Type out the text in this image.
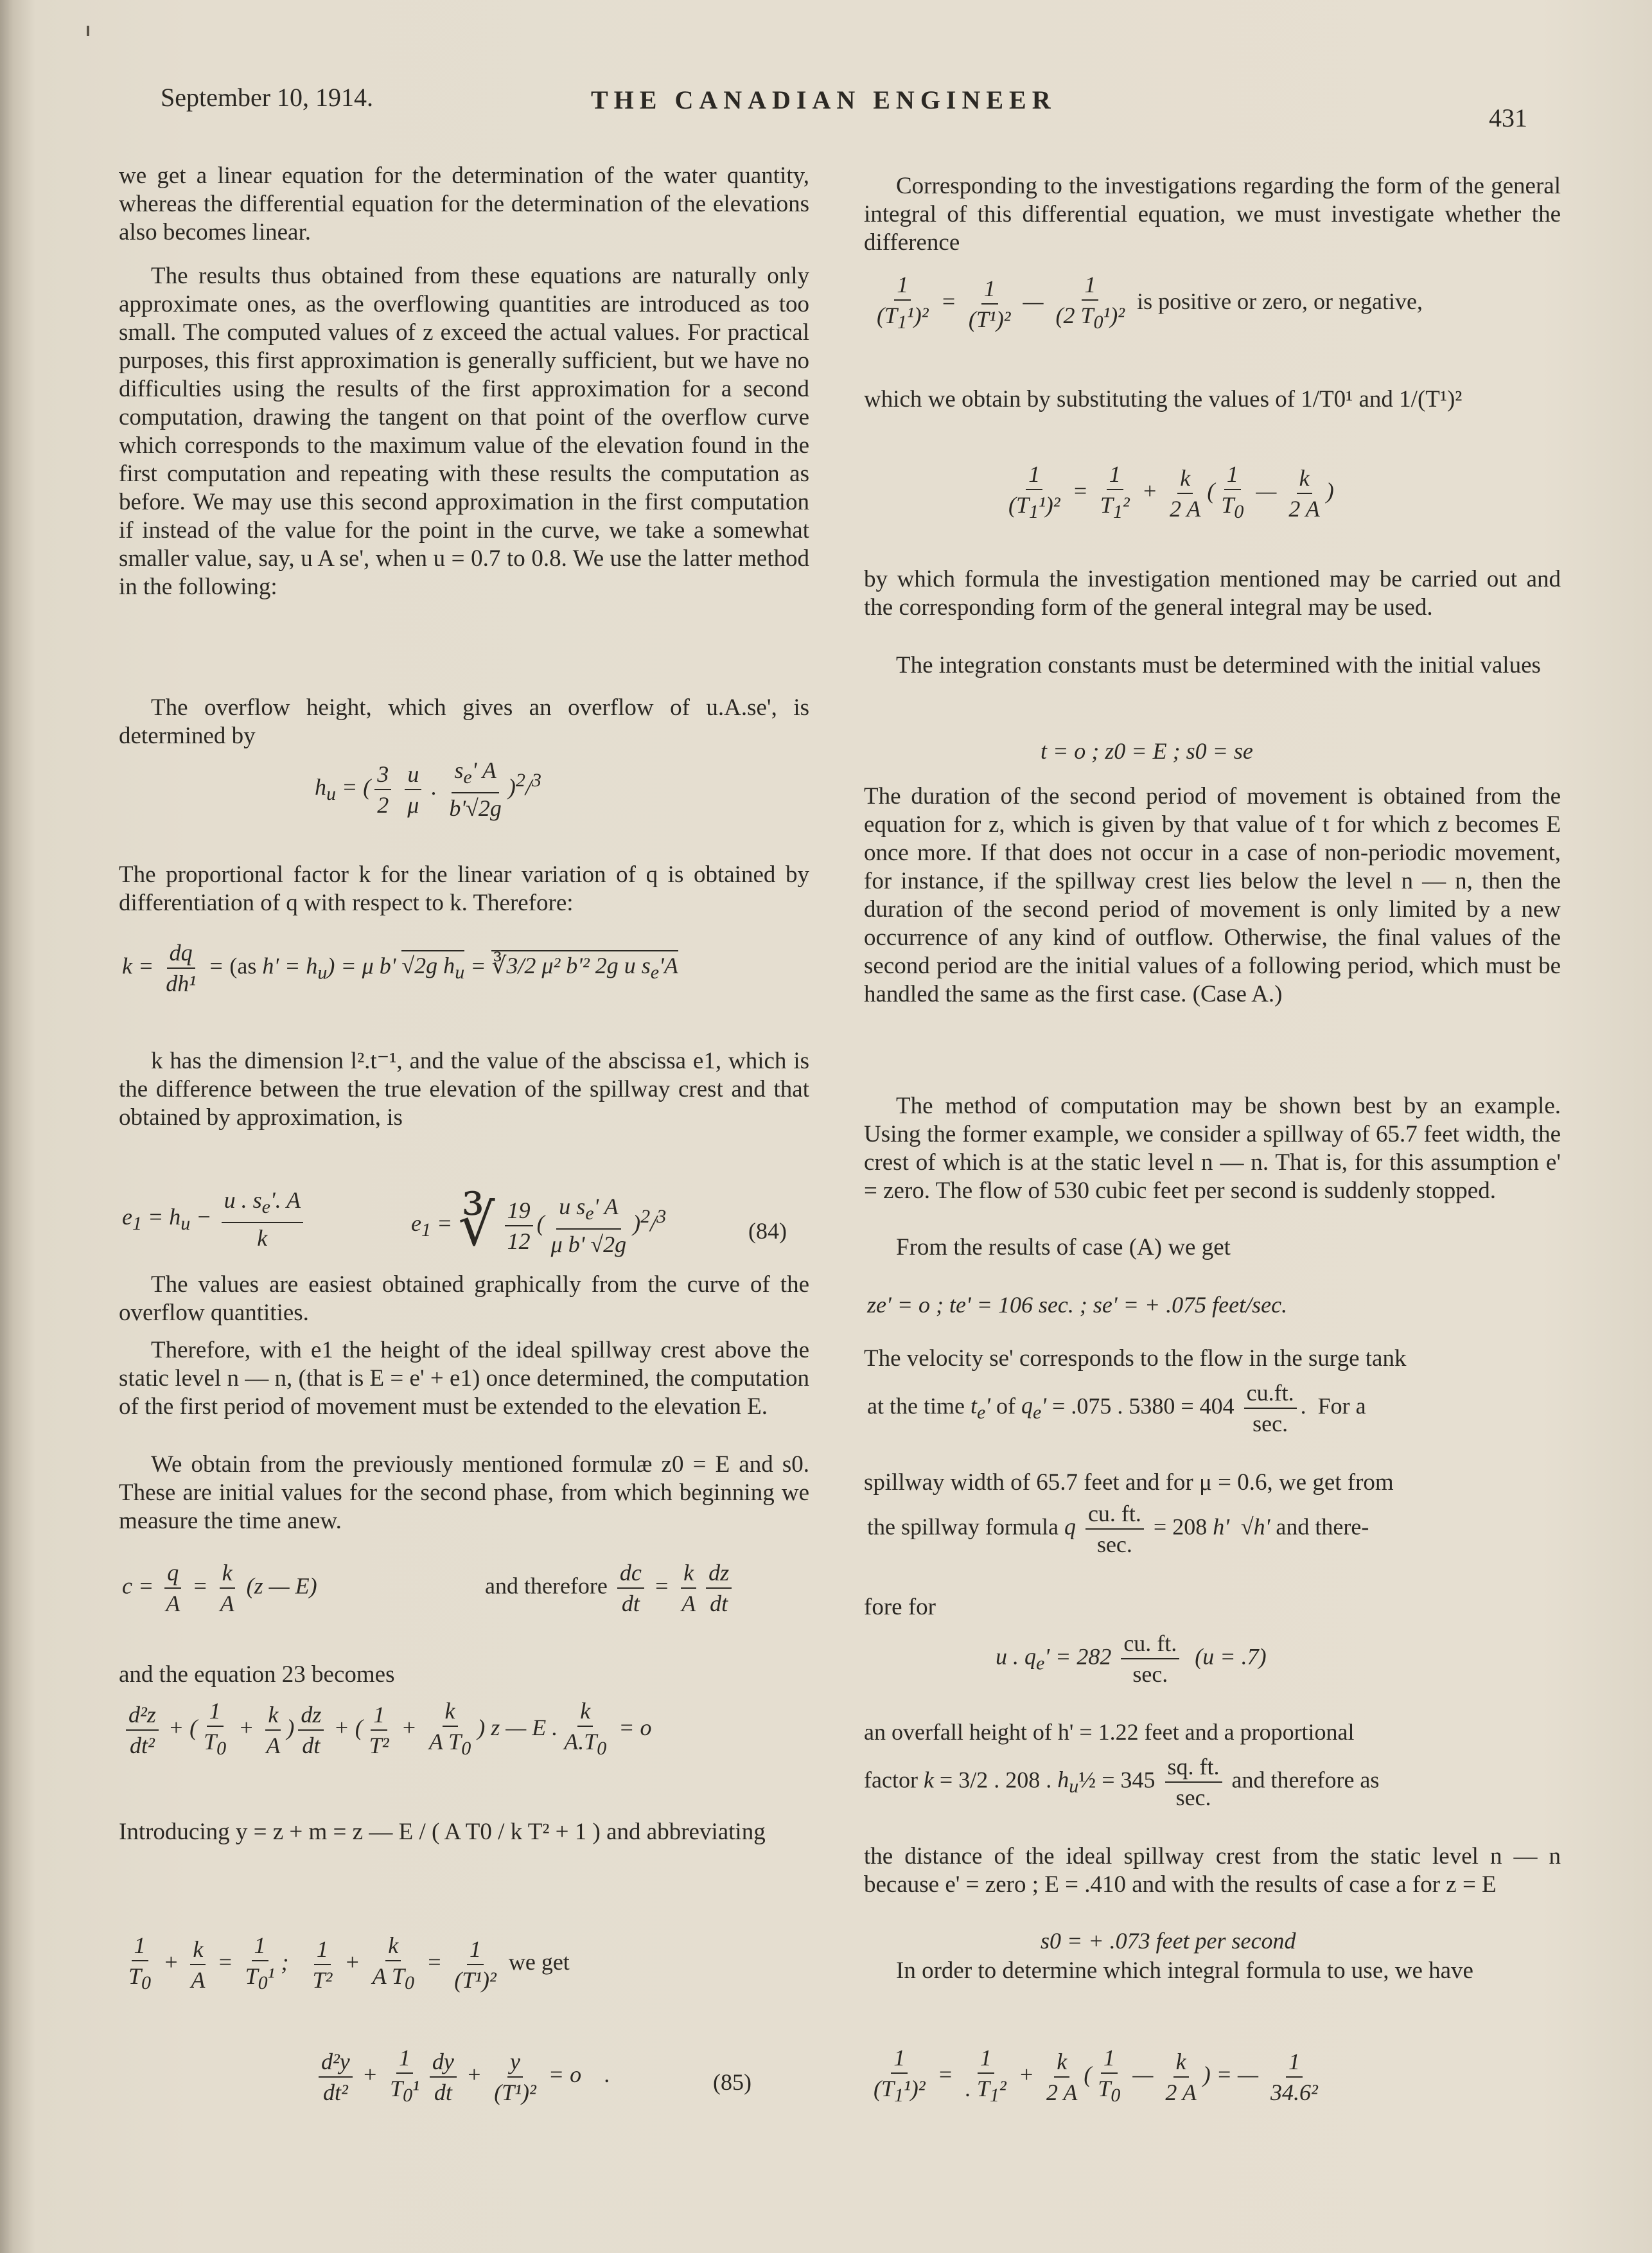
September 10, 1914.	THE CANADIAN ENGINEER
431

we get a linear equation for the determination of the water quantity, whereas the differential equation for the determination of the elevations also becomes linear.

The results thus obtained from these equations are naturally only approximate ones, as the overflowing quantities are introduced as too small. The computed values of z exceed the actual values. For practical purposes, this first approximation is generally sufficient, but we have no difficulties using the results of the first approximation for a second computation, drawing the tangent on that point of the overflow curve which corresponds to the maximum value of the elevation found in the first computation and repeating with these results the computation as before. We may use this second approximation in the first computation if instead of the value for the point in the curve, we take a somewhat smaller value, say, u A se', when u = 0.7 to 0.8. We use the latter method in the following:

The overflow height, which gives an overflow of u.A.se', is determined by

$h_u$ = ( $\frac{3}{2}$
$\frac{u}{\mu}$ . $\frac{s_e' A}{b'√2g} )^2/^3$

The proportional factor k for the linear variation of q is obtained by differentiation of q with respect to k. Therefore:

$k = \frac{dq}{\text{dh¹}} = (as$ $h' = h_u) = \mu$ b' √2g $h_u$ = ∛3/2 μ² b'² 2g u $s_e'A$

k has the dimension l².t⁻¹, and the value of the abscissa e1, which is the difference between the true elevation of the spillway crest and that obtained by approximation, is

$e_1 = h_u - \frac{u . s_e'. A}{k}$	$e_1$ = ∛ $\frac{19}{12}$ ( $\frac{u s_e' A}{\text{μ b' √2g}} )^2/^3$
(84)

The values are easiest obtained graphically from the curve of the overflow quantities.

Therefore, with e1 the height of the ideal spillway crest above the static level n — n, (that is E = e' + e1) once determined, the computation of the first period of movement must be extended to the elevation E.

We obtain from the previously mentioned formulæ z0 = E and s0. These are initial values for the second phase, from which beginning we measure the time anew.

$c = \frac{q}{A} = \frac{k}{A} (z$ — E)	and therefore $\frac{dc}{dt} = \frac{k}{A} \frac{dz}{dt}$

and the equation 23 becomes

$\frac{\text{d²z}}{\text{dt²}}$ + ( $\frac{1}{T_0} + \frac{k}{A}$ ) $\frac{dz}{dt}$ + ( $\frac{1}{\text{T²}} + \frac{k}{A T_0}$ ) z — E . $\frac{k}{A.T_0} = o$

Introducing y = z + m = z — E / ( A T0 / k T² + 1 ) and abbreviating

$\frac{1}{T_0} + \frac{k}{A} = \frac{1}{T_0^1}$ ; $\frac{1}{\text{T²}} + \frac{k}{A T_0} = \frac{1}{\text{(T¹)²}}$ we get
$\frac{\text{d²y}}{\text{dt²}} + \frac{1}{T_0^1} \frac{dy}{dt} + \frac{y}{\text{(T¹)²}} = o$    .	(85)

Corresponding to the investigations regarding the form of the general integral of this differential equation, we must investigate whether the difference

$\frac{1}{(T_1^1)^2} = \frac{1}{\text{(T¹)²}}$ — $\frac{1}{(2 T_0^1)^2}$ is positive or zero, or negative,

which we obtain by substituting the values of 1/T0¹ and 1/(T¹)²

$\frac{1}{(T_1^1)^2} = \frac{1}{T_1^2} + \frac{k}{2 A}$ ( $\frac{1}{T_0}$ — $\frac{k}{2 A}$ )

by which formula the investigation mentioned may be carried out and the corresponding form of the general integral may be used.

The integration constants must be determined with the initial values

t = o ; z0 = E ; s0 = se

The duration of the second period of movement is obtained from the equation for z, which is given by that value of t for which z becomes E once more. If that does not occur in a case of non-periodic movement, for instance, if the spillway crest lies below the level n — n, then the duration of the second period of movement is only limited by a new occurrence of any kind of outflow. Otherwise, the final values of the second period are the initial values of a following period, which must be handled the same as the first case. (Case A.)

The method of computation may be shown best by an example. Using the former example, we consider a spillway of 65.7 feet width, the crest of which is at the static level n — n. That is, for this assumption e' = zero. The flow of 530 cubic feet per second is suddenly stopped.

From the results of case (A) we get

ze' = o ; te' = 106 sec. ; se' = + .075 feet/sec.

The velocity se' corresponds to the flow in the surge tank

at the time $t_e'$ of $q_e' = .075$ . $5380 = 404 \frac{cu.ft.}{\sec.}$ .  For a

spillway width of 65.7 feet and for μ = 0.6, we get from

the spillway formula q $\frac{cu. ft.}{\sec.} = 208$ h' √h' and there-

fore for

u . $q_e' = 282 \frac{cu. ft.}{\sec.} (u = .7)$
an overfall height of h' = 1.22 feet and a proportional
factor k = 3/2 . 208 . $h_u\frac{1}{2} = 345 \frac{sq. ft.}{\sec.}$ and therefore as

the distance of the ideal spillway crest from the static level n — n because e' = zero ; E = .410 and with the results of case a for z = E

s0 = + .073 feet per second

In order to determine which integral formula to use, we have

$\frac{1}{(T_1^1)^2} = \frac{1}{. T_1^2} + \frac{k}{2 A}$ ( $\frac{1}{T_0}$ — $\frac{k}{2 A}$ ) = — $\frac{1}{\text{34.6²}}$
